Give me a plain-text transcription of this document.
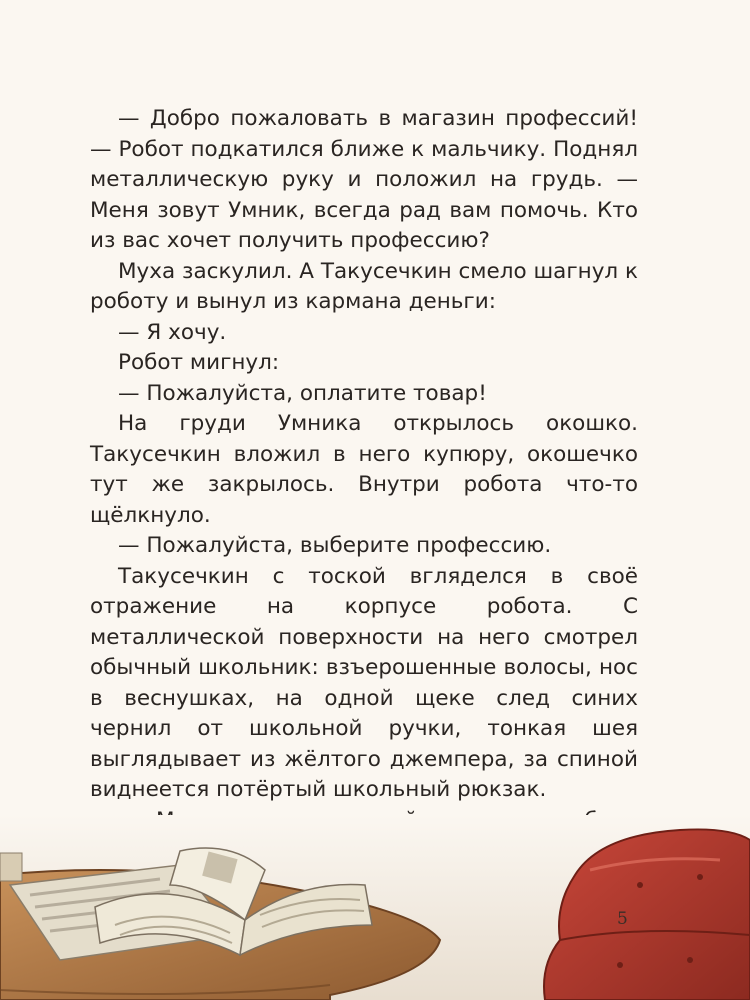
— Добро пожаловать в магазин профессий! — Робот подкатился ближе к мальчику. Поднял металлическую руку и положил на грудь. — Меня зовут Умник, всегда рад вам помочь. Кто из вас хочет получить профессию?

Муха заскулил. А Такусечкин смело шагнул к роботу и вынул из кармана деньги:

— Я хочу.

Робот мигнул:

— Пожалуйста, оплатите товар!

На груди Умника открылось окошко. Такусечкин вложил в него купюру, окошечко тут же закрылось. Внутри робота что-то щёлкнуло.

— Пожалуйста, выберите профессию.

Такусечкин с тоской вгляделся в своё отражение на корпусе робота. С металлической поверхности на него смотрел обычный школьник: взъерошенные волосы, нос в веснушках, на одной щеке след синих чернил от школьной ручки, тонкая шея выглядывает из жёлтого джемпера, за спиной виднеется потёртый школьный рюкзак.

5
